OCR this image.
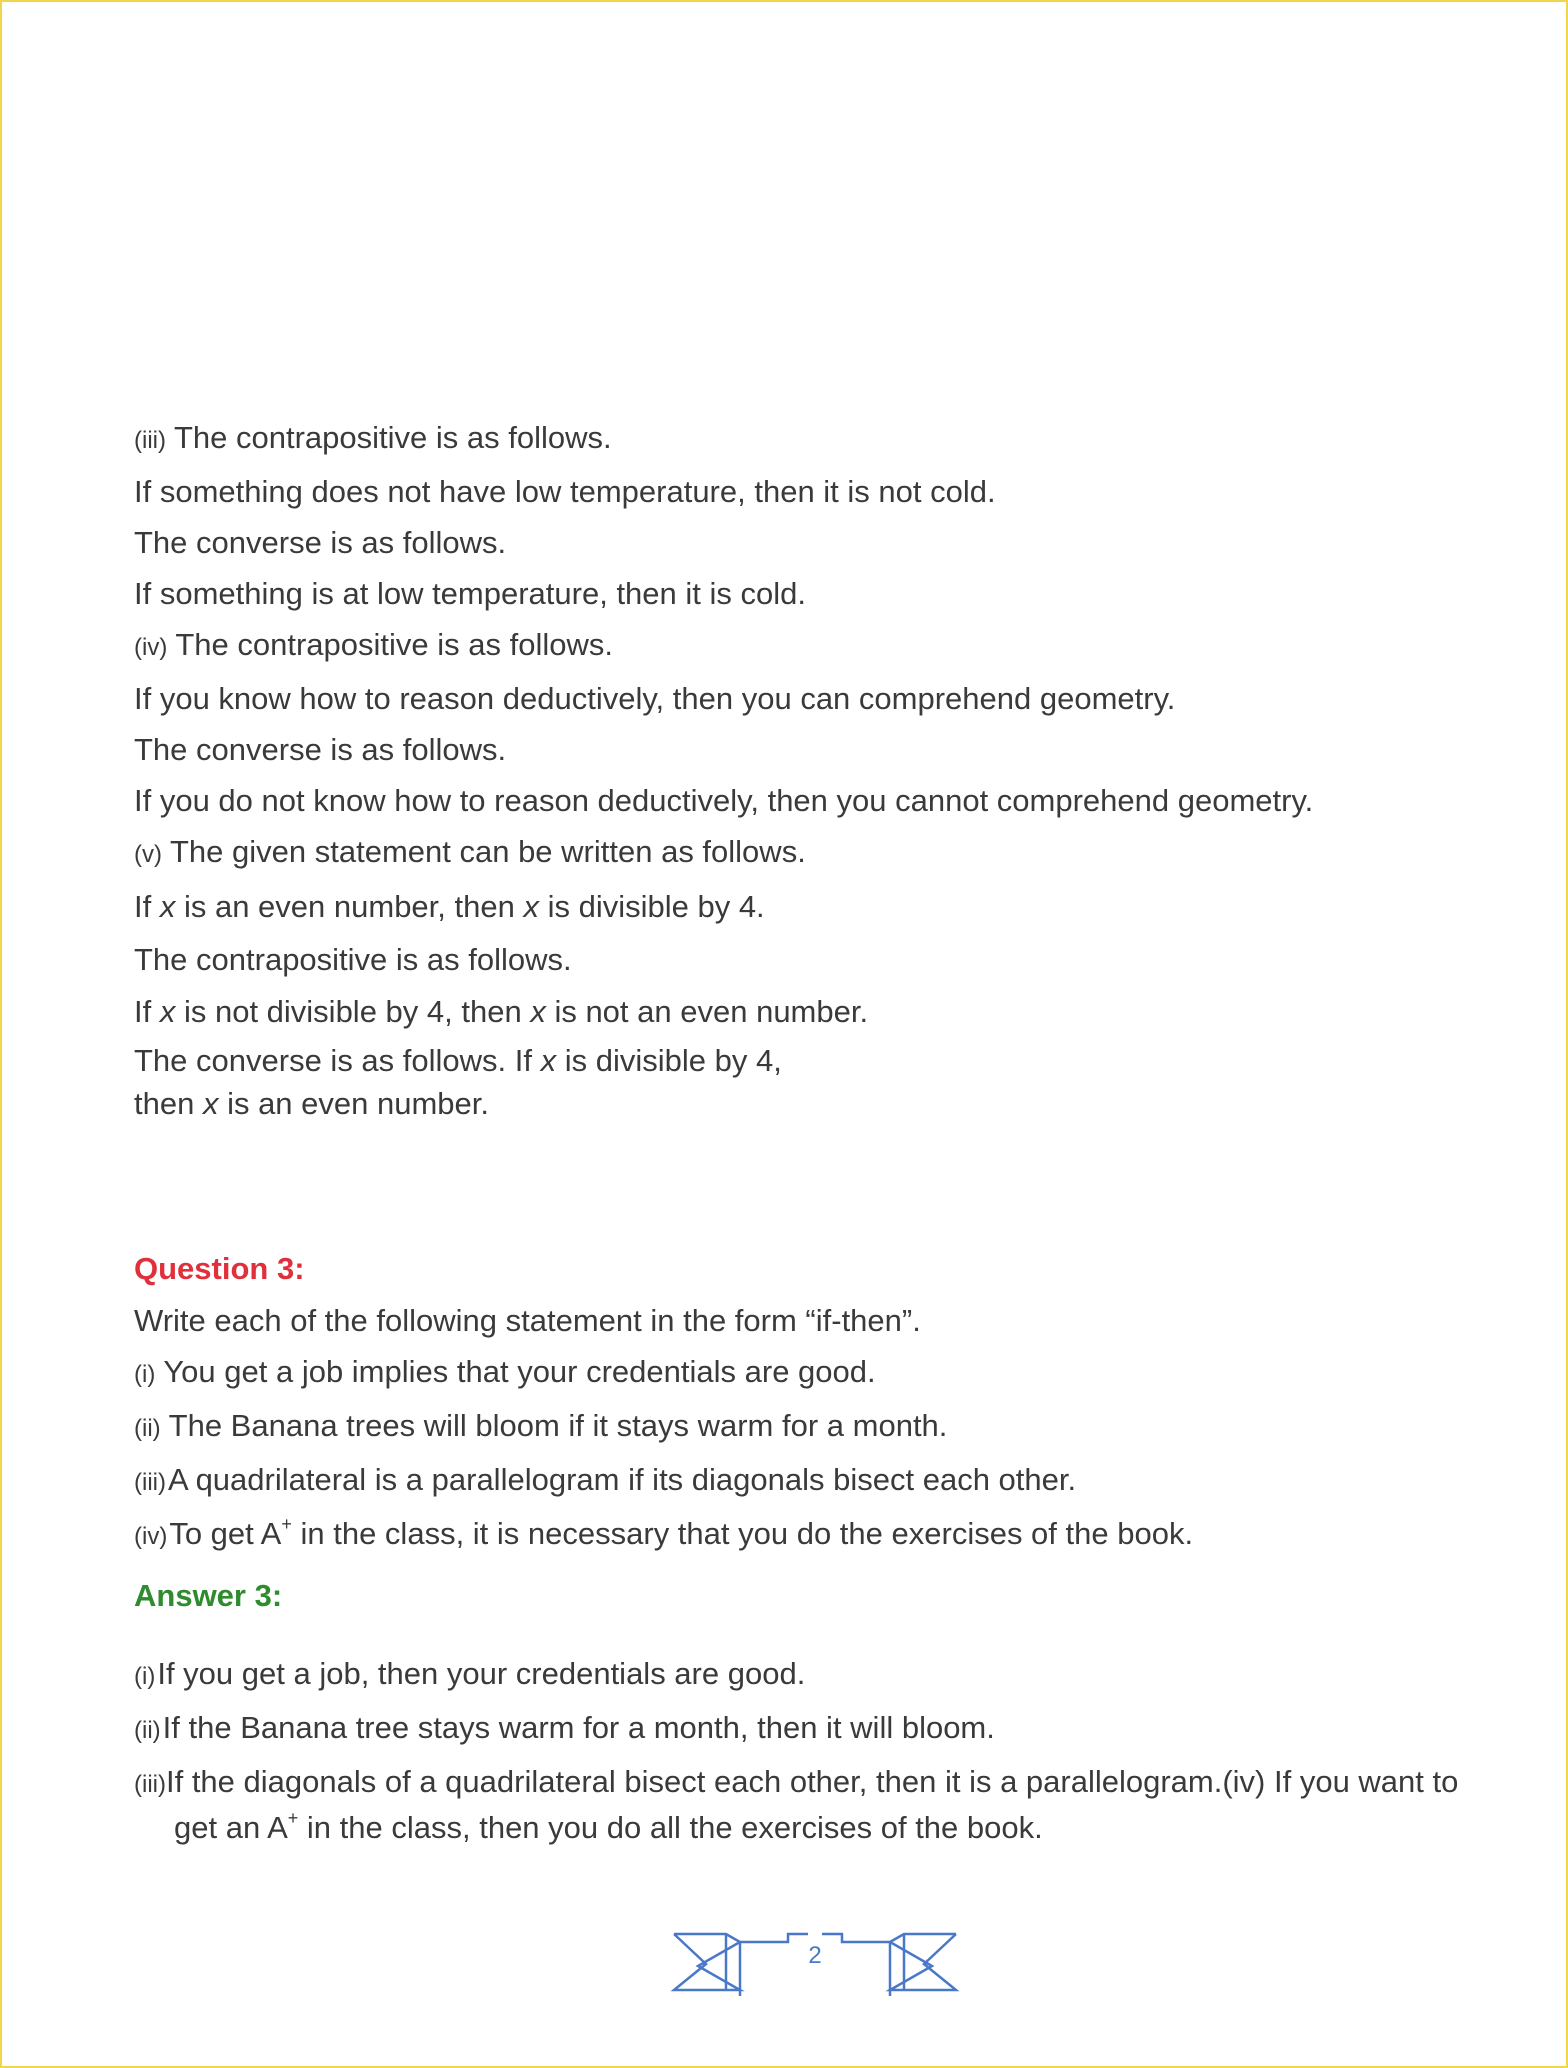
(iii) The contrapositive is as follows.
If something does not have low temperature, then it is not cold.
The converse is as follows.
If something is at low temperature, then it is cold.
(iv) The contrapositive is as follows.
If you know how to reason deductively, then you can comprehend geometry.
The converse is as follows.
If you do not know how to reason deductively, then you cannot comprehend geometry.
(v) The given statement can be written as follows.
If x is an even number, then x is divisible by 4.
The contrapositive is as follows.
If x is not divisible by 4, then x is not an even number.
The converse is as follows. If x is divisible by 4,
then x is an even number.
Question 3:
Write each of the following statement in the form “if-then”.
(i) You get a job implies that your credentials are good.
(ii) The Banana trees will bloom if it stays warm for a month.
(iii)A quadrilateral is a parallelogram if its diagonals bisect each other.
(iv)To get A+ in the class, it is necessary that you do the exercises of the book.
Answer 3:
(i)If you get a job, then your credentials are good.
(ii)If the Banana tree stays warm for a month, then it will bloom.
(iii)If the diagonals of a quadrilateral bisect each other, then it is a parallelogram.(iv) If you want to get an A+ in the class, then you do all the exercises of the book.
2
